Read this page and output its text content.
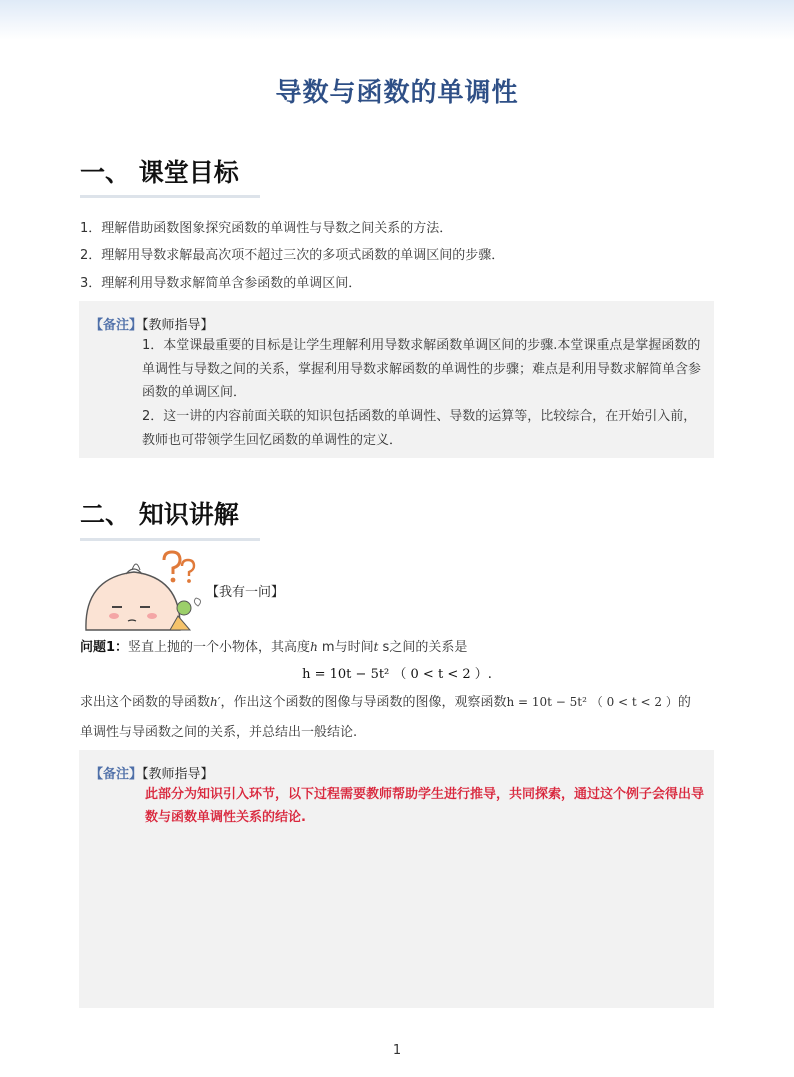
导数与函数的单调性
一、 课堂目标
1．理解借助函数图象探究函数的单调性与导数之间关系的方法．
2．理解用导数求解最高次项不超过三次的多项式函数的单调区间的步骤．
3．理解利用导数求解简单含参函数的单调区间．
【备注】【教师指导】
1．本堂课最重要的目标是让学生理解利用导数求解函数单调区间的步骤.本堂课重点是掌握函数的单调性与导数之间的关系，掌握利用导数求解函数的单调性的步骤；难点是利用导数求解简单含参函数的单调区间．
2．这一讲的内容前面关联的知识包括函数的单调性、导数的运算等，比较综合，在开始引入前，教师也可带领学生回忆函数的单调性的定义．
二、 知识讲解
【我有一问】
问题1：竖直上抛的一个小物体，其高度h m与时间t s之间的关系是
h = 10t − 5t² （ 0 < t < 2 ）.
求出这个函数的导函数h′，作出这个函数的图像与导函数的图像，观察函数h = 10t − 5t² （ 0 < t < 2 ）的
单调性与导函数之间的关系，并总结出一般结论.
【备注】【教师指导】
此部分为知识引入环节，以下过程需要教师帮助学生进行推导，共同探索，通过这个例子会得出导数与函数单调性关系的结论.
1
